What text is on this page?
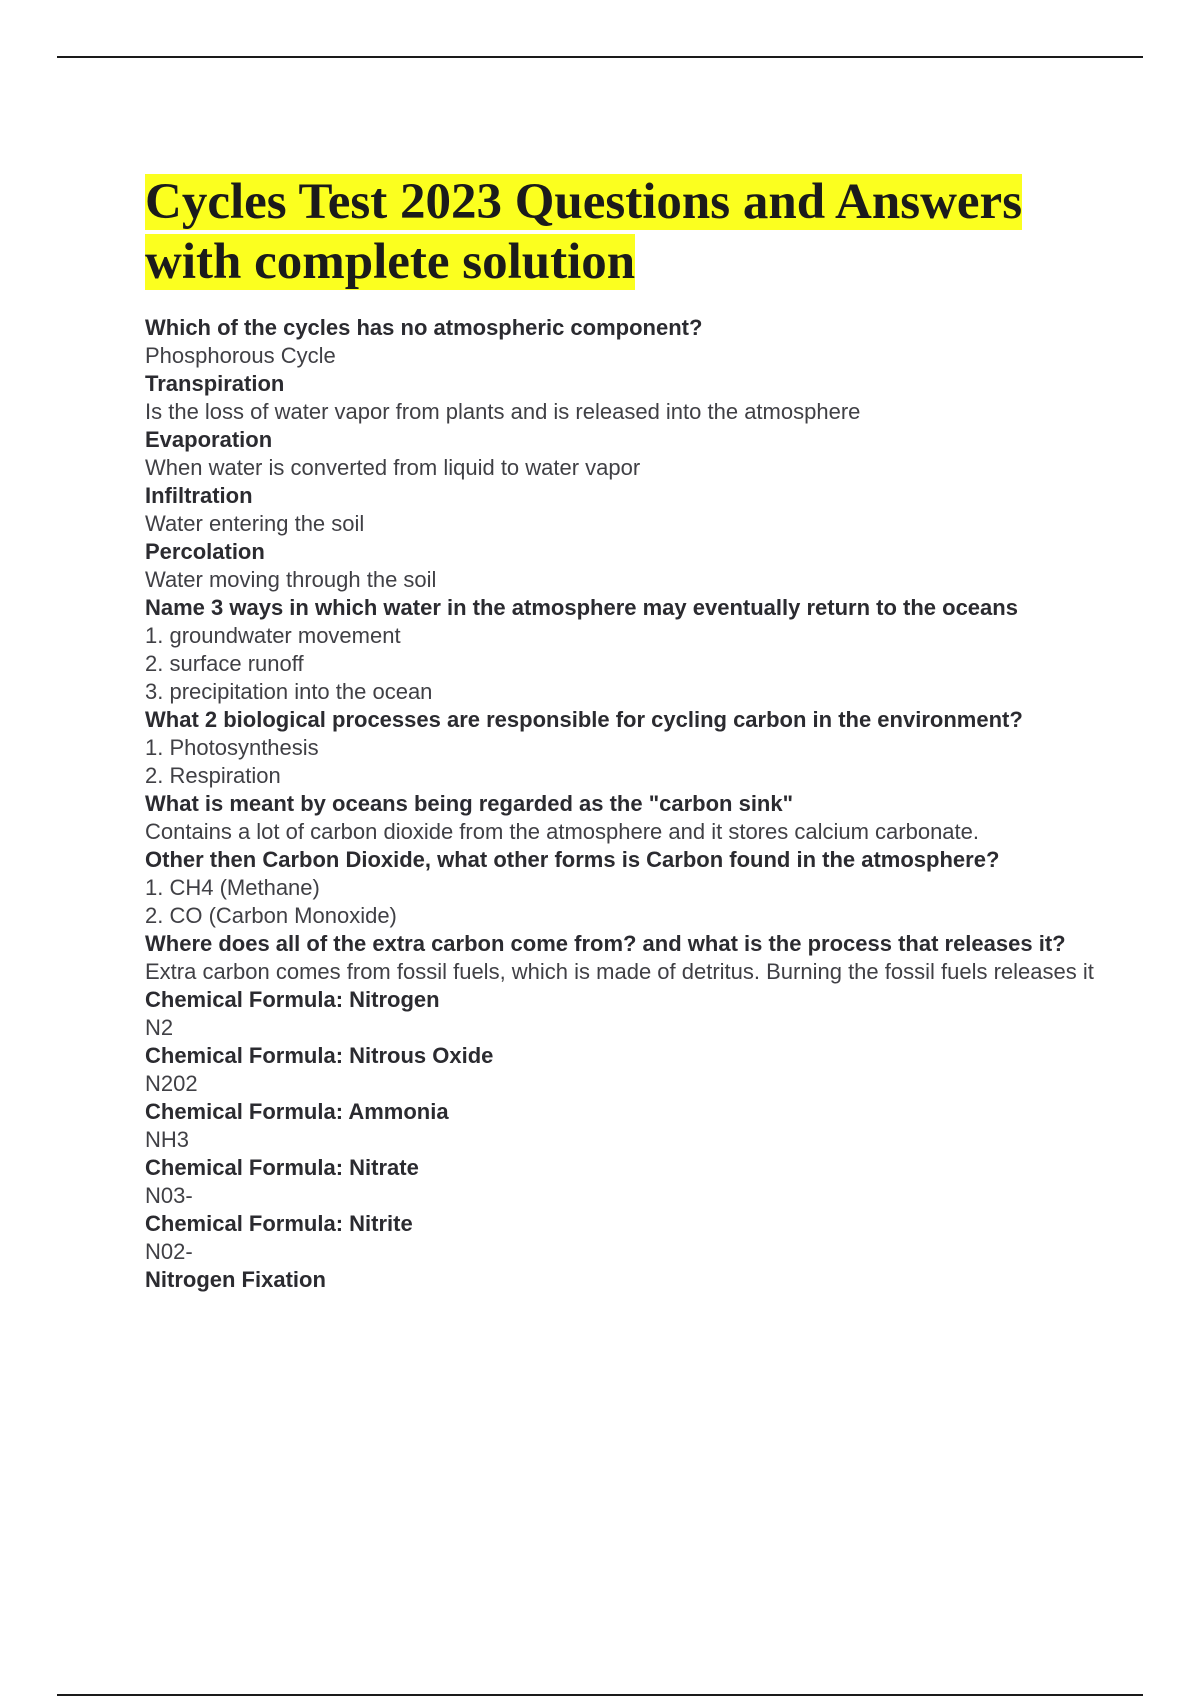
Cycles Test 2023 Questions and Answers
with complete solution
Which of the cycles has no atmospheric component?
Phosphorous Cycle
Transpiration
Is the loss of water vapor from plants and is released into the atmosphere
Evaporation
When water is converted from liquid to water vapor
Infiltration
Water entering the soil
Percolation
Water moving through the soil
Name 3 ways in which water in the atmosphere may eventually return to the oceans
1. groundwater movement
2. surface runoff
3. precipitation into the ocean
What 2 biological processes are responsible for cycling carbon in the environment?
1. Photosynthesis
2. Respiration
What is meant by oceans being regarded as the "carbon sink"
Contains a lot of carbon dioxide from the atmosphere and it stores calcium carbonate.
Other then Carbon Dioxide, what other forms is Carbon found in the atmosphere?
1. CH4 (Methane)
2. CO (Carbon Monoxide)
Where does all of the extra carbon come from? and what is the process that releases it?
Extra carbon comes from fossil fuels, which is made of detritus. Burning the fossil fuels releases it
Chemical Formula: Nitrogen
N2
Chemical Formula: Nitrous Oxide
N202
Chemical Formula: Ammonia
NH3
Chemical Formula: Nitrate
N03-
Chemical Formula: Nitrite
N02-
Nitrogen Fixation
